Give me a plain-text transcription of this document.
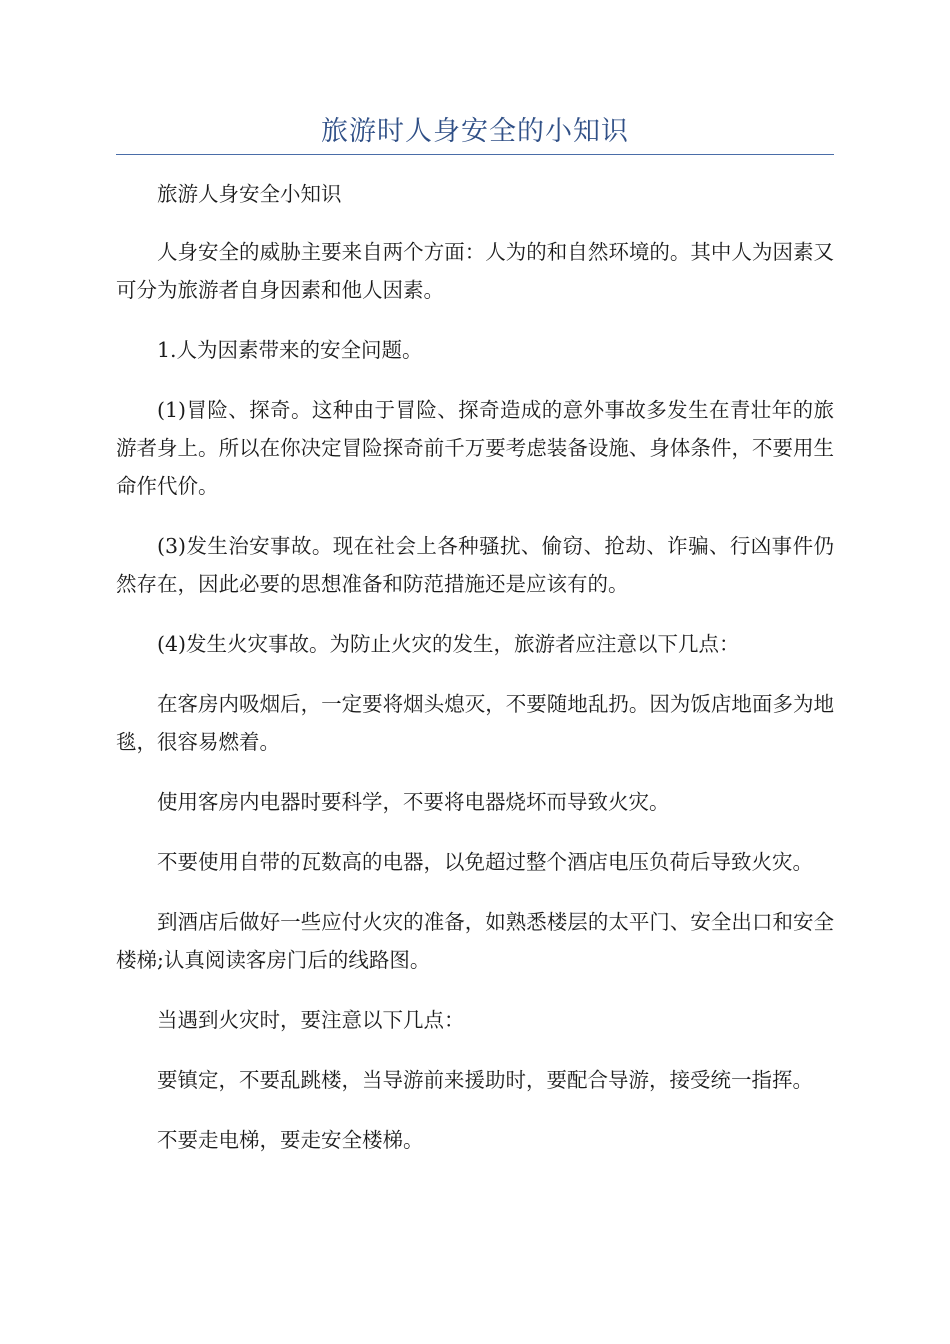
旅游时人身安全的小知识

旅游人身安全小知识

人身安全的威胁主要来自两个方面：人为的和自然环境的。其中人为因素又可分为旅游者自身因素和他人因素。

1.人为因素带来的安全问题。

(1)冒险、探奇。这种由于冒险、探奇造成的意外事故多发生在青壮年的旅游者身上。所以在你决定冒险探奇前千万要考虑装备设施、身体条件，不要用生命作代价。

(3)发生治安事故。现在社会上各种骚扰、偷窃、抢劫、诈骗、行凶事件仍然存在，因此必要的思想准备和防范措施还是应该有的。

(4)发生火灾事故。为防止火灾的发生，旅游者应注意以下几点：

在客房内吸烟后，一定要将烟头熄灭，不要随地乱扔。因为饭店地面多为地毯，很容易燃着。

使用客房内电器时要科学，不要将电器烧坏而导致火灾。

不要使用自带的瓦数高的电器，以免超过整个酒店电压负荷后导致火灾。

到酒店后做好一些应付火灾的准备，如熟悉楼层的太平门、安全出口和安全楼梯;认真阅读客房门后的线路图。

当遇到火灾时，要注意以下几点：

要镇定，不要乱跳楼，当导游前来援助时，要配合导游，接受统一指挥。

不要走电梯，要走安全楼梯。
